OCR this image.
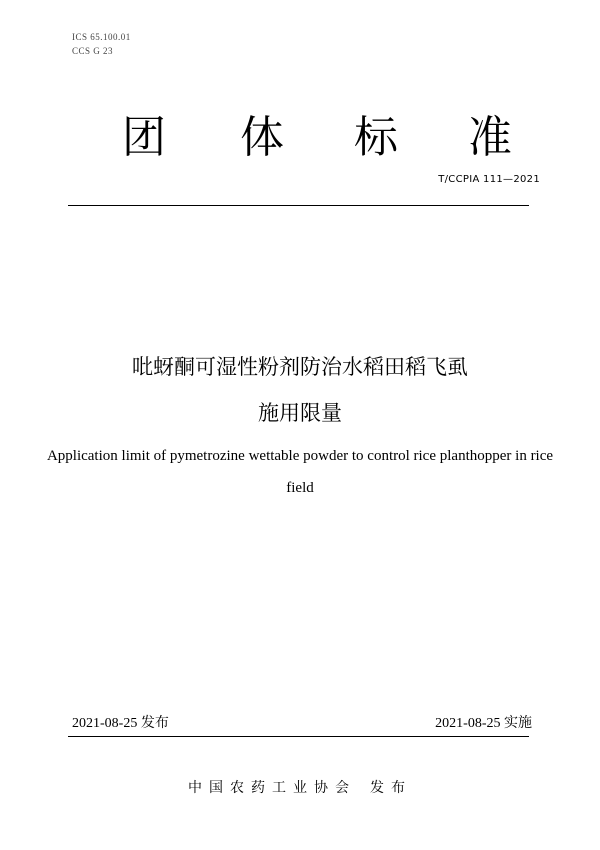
ICS 65.100.01
CCS G 23
团 体 标 准
T/CCPIA 111—2021
吡蚜酮可湿性粉剂防治水稻田稻飞虱
施用限量
Application limit of pymetrozine wettable powder to control rice planthopper in rice
field
2021-08-25 发布	2021-08-25 实施
中国农药工业协会 发布
